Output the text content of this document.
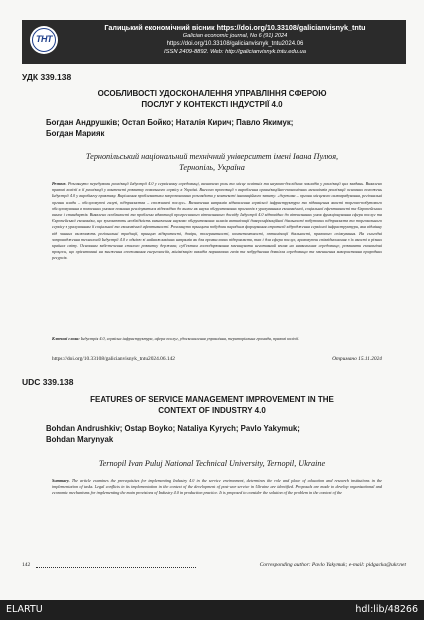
ТНТ
Галицький економічний вісник https://doi.org/10.33108/galicianvisnyk_tntu
Galician economic journal, No 6 (91) 2024
https://doi.org/10.33108/galicianvisnyk_tntu2024.06
ISSN 2409-8892. Web: http://galicianvisnyk.tntu.edu.ua
УДК 339.138
ОСОБЛИВОСТІ УДОСКОНАЛЕННЯ УПРАВЛІННЯ СФЕРОЮ
ПОСЛУГ У КОНТЕКСТІ ІНДУСТРІЇ 4.0
Богдан Андрушків; Остап Бойко; Наталія Кирич; Павло Якимук;
Богдан Марияк
Тернопільський національний технічний університет імені Івана Пулюя,
Тернопіль, Україна
Резюме. Розглянуто передумови реалізації Індустрії 4.0 у сервісному середовищі, визначено роль та місце освітніх та науково-дослідних закладів у реалізації цих завдань. Виявлено правові колізії в її реалізації у контексті розвитку повоєнного сервісу в Україні. Внесено пропозиції з вироблення організаційно-економічних механізмів реалізації основних положень Індустрії 4.0 у виробничу практику. Вирішення проблематики запропоновано розглядати у контексті інноваційного запиту: «держава – органи місцевого самоврядування, регіональні органи влади – обслуговуючі галузі, підприємства – споживачі послуг». Визначення напрямів відновлення сервісної інфраструктури та підвищення якості торгово-побутового обслуговування в повоєнних умовах повинна реалізуватися відповідно до вимог як науки обгрунтованих прогнозів з урахуванням економічної, соціальної ефективності та Європейських вимог і стандартів. Виявлено особливості та проблеми адаптації прогресивного вітчизняного досвіду Індустрії 4.0 відповідно до вітчизняних умов функціонування сфери послуг та Європейської економіки, що зумовлюють необхідність визначення науково обгрунтованих шляхів активізації диверсифікаційної діяльності побутових підприємств та торговельного сервісу з урахуванням її соціальної та економічної ефективності. Розглянуто принципи побудови парадигм формування стратегії відродження сервісної інфраструктури, яка відмінну від чинних включають регіональні традиції, принцип відкритості, довіри, толерантності, компетентності, оптимізації діяльності, правового спілкування. На сьогодні запровадження технологій Індустрії 4.0 є однією зі найважливіших напрямів як для промислових підприємств, так і для сфери послуг, враховуючи співвідношення з їх якості в різних країнах світу. Основним забезпечення сталого розвитку держави; суб'єктам господарювання зменшувати негативний вплив на навколишнє середовище, розвивати економічні процеси, що орієнтовані на зниження споживання енергоносіїв, мінімізацію викидів парникових газів та забруднення довкілля середовища та зменшення використання природних ресурсів.
Ключові слова: Індустрія 4.0, сервісна інфраструктура, сфера послуг, удосконалення управління, територіальна громада, правові колізії.
https://doi.org/10.33108/galicianvisnyk_tntu2024.06.142	Отримано 15.11.2024
UDC 339.138
FEATURES OF SERVICE MANAGEMENT IMPROVEMENT IN THE
CONTEXT OF INDUSTRY 4.0
Bohdan Andrushkiv; Ostap Boyko; Nataliya Kyrych; Pavlo Yakymuk;
Bohdan Marynyak
Ternopil Ivan Puluj National Technical University, Ternopil, Ukraine
Summary. The article examines the prerequisites for implementing Industry 4.0 in the service environment, determines the role and place of education and research institutions in the implementation of tasks. Legal conflicts in its implementation in the context of the development of post-war service in Ukraine are identified. Proposals are made to develop organizational and economic mechanisms for implementing the main provisions of Industry 4.0 in production practice. It is proposed to consider the solution of the problem in the context of the
142	Corresponding author: Pavlo Yakymuk; e-mail: pidgacka@ukr.net
ELARTU	hdl:lib/48266
